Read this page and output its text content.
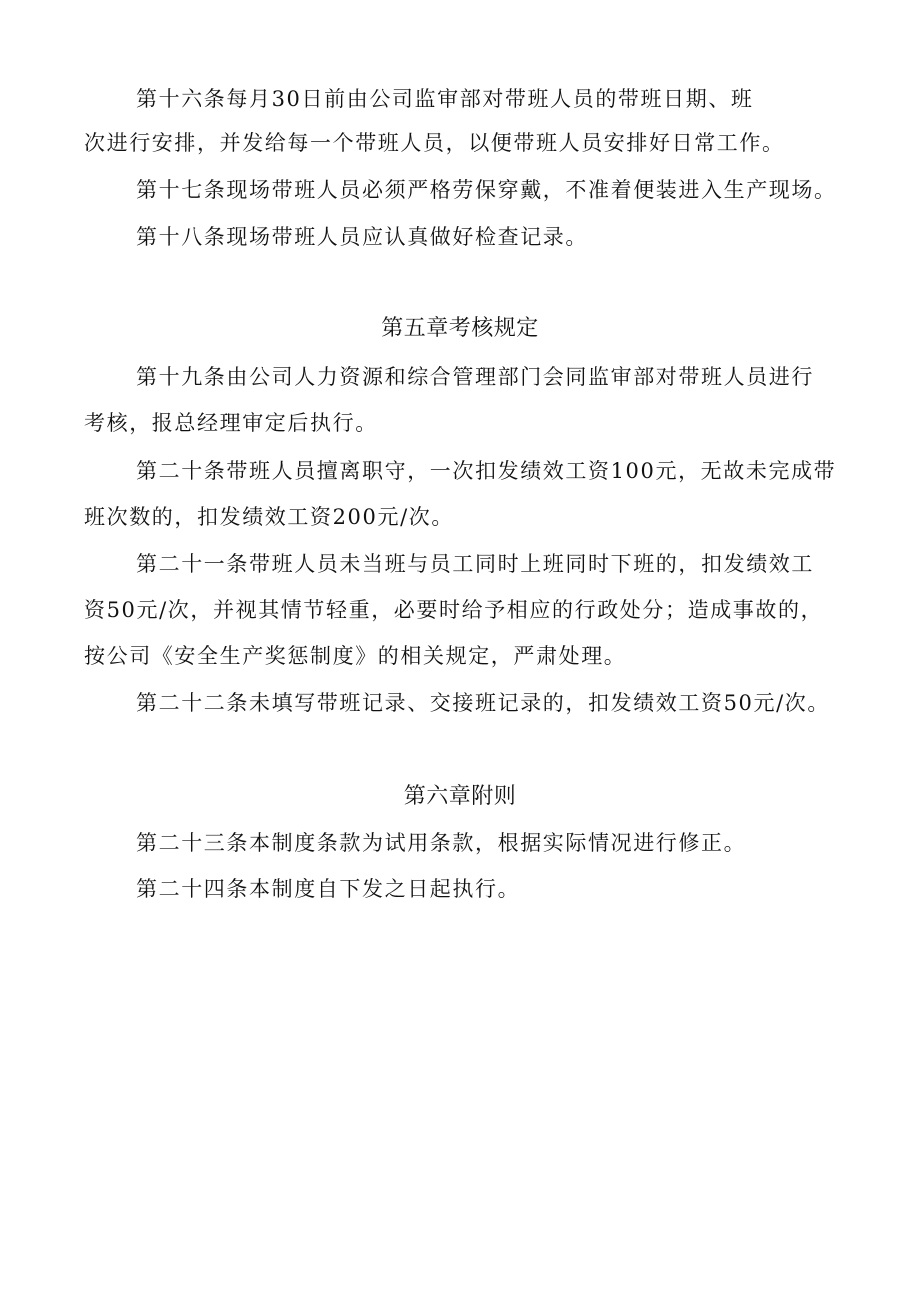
第十六条每月30日前由公司监审部对带班人员的带班日期、班
次进行安排，并发给每一个带班人员，以便带班人员安排好日常工作。
第十七条现场带班人员必须严格劳保穿戴，不准着便装进入生产现场。
第十八条现场带班人员应认真做好检查记录。
第五章考核规定
第十九条由公司人力资源和综合管理部门会同监审部对带班人员进行
考核，报总经理审定后执行。
第二十条带班人员擅离职守，一次扣发绩效工资100元，无故未完成带
班次数的，扣发绩效工资200元/次。
第二十一条带班人员未当班与员工同时上班同时下班的，扣发绩效工
资50元/次，并视其情节轻重，必要时给予相应的行政处分；造成事故的，
按公司《安全生产奖惩制度》的相关规定，严肃处理。
第二十二条未填写带班记录、交接班记录的，扣发绩效工资50元/次。
第六章附则
第二十三条本制度条款为试用条款，根据实际情况进行修正。
第二十四条本制度自下发之日起执行。
